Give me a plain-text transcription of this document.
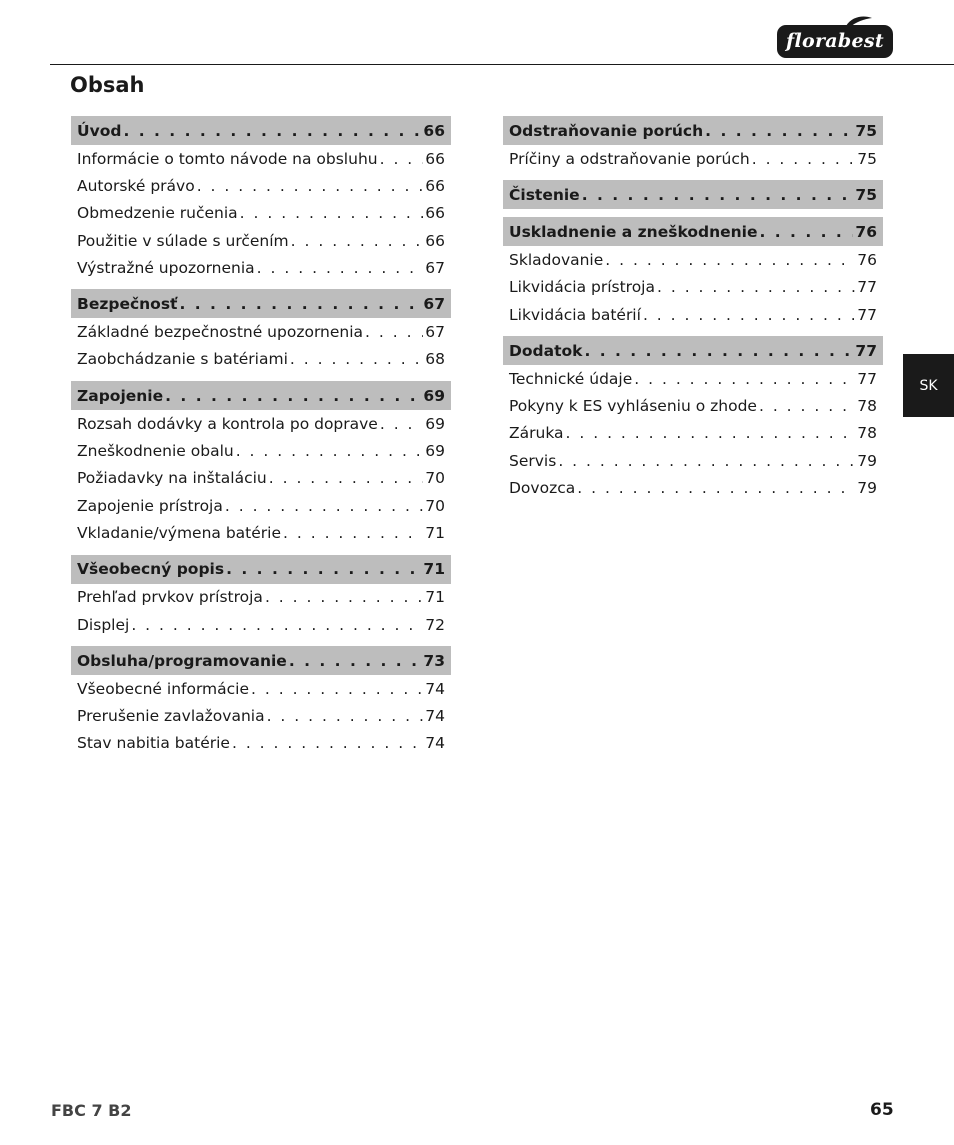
florabest
Obsah
Úvod . . .	66
Informácie o tomto návode na obsluhu . . .	66
Autorské právo . . .	66
Obmedzenie ručenia . . .	66
Použitie v súlade s určením . . .	66
Výstražné upozornenia . . .	67
Bezpečnosť . . .	67
Základné bezpečnostné upozornenia . . .	67
Zaobchádzanie s batériami . . .	68
Zapojenie . . .	69
Rozsah dodávky a kontrola po doprave . . .	69
Zneškodnenie obalu . . .	69
Požiadavky na inštaláciu . . .	70
Zapojenie prístroja . . .	70
Vkladanie/výmena batérie . . .	71
Všeobecný popis . . .	71
Prehľad prvkov prístroja . . .	71
Displej . . .	72
Obsluha/programovanie . . .	73
Všeobecné informácie . . .	74
Prerušenie zavlažovania . . .	74
Stav nabitia batérie . . .	74
Odstraňovanie porúch . . .	75
Príčiny a odstraňovanie porúch . . .	75
Čistenie . . .	75
Uskladnenie a zneškodnenie . . .	76
Skladovanie . . .	76
Likvidácia prístroja . . .	77
Likvidácia batérií . . .	77
Dodatok . . .	77
Technické údaje . . .	77
Pokyny k ES vyhláseniu o zhode . . .	78
Záruka . . .	78
Servis . . .	79
Dovozca . . .	79
SK
FBC 7 B2	65
